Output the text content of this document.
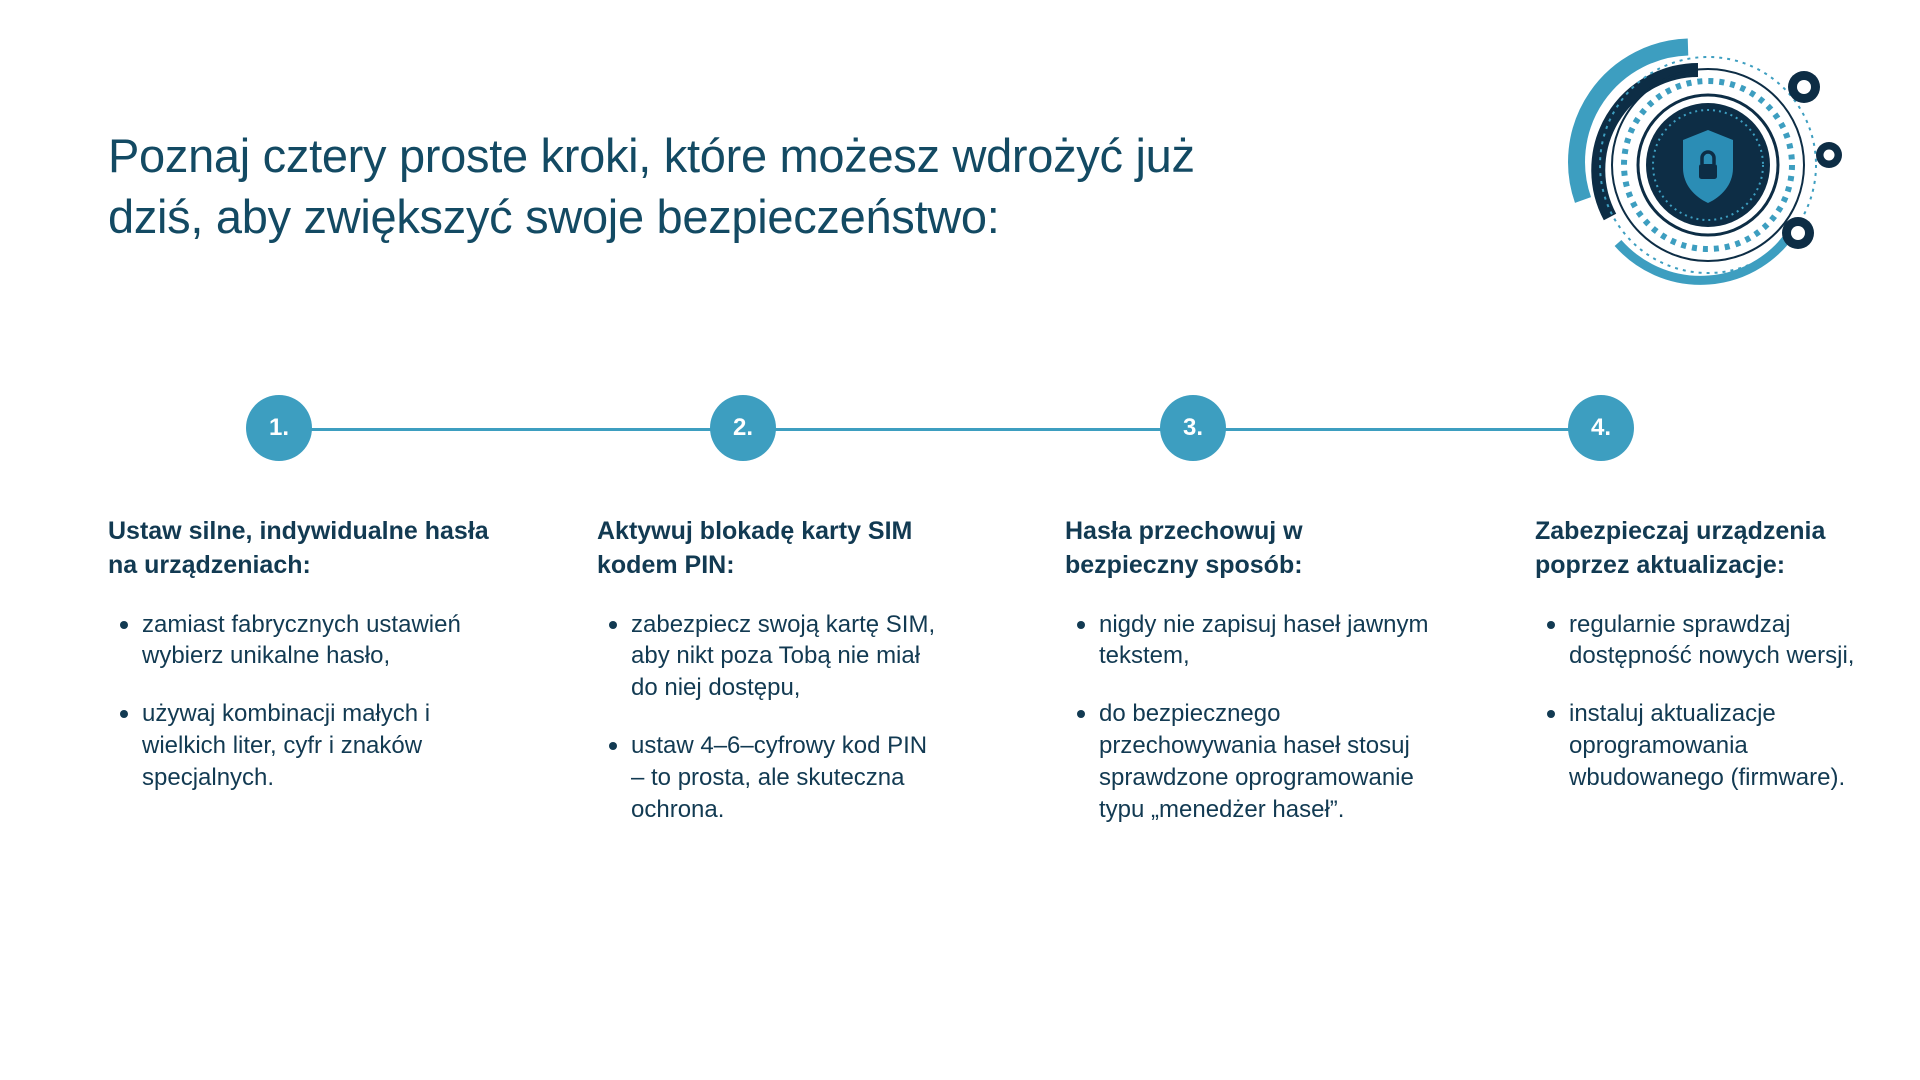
Poznaj cztery proste kroki, które możesz wdrożyć już dziś, aby zwiększyć swoje bezpieczeństwo:
1.	2.	3.	4.
Ustaw silne, indywidualne hasła na urządzeniach:
zamiast fabrycznych ustawień wybierz unikalne hasło,
używaj kombinacji małych i wielkich liter, cyfr i znaków specjalnych.
Aktywuj blokadę karty SIM kodem PIN:
zabezpiecz swoją kartę SIM, aby nikt poza Tobą nie miał do niej dostępu,
ustaw 4–6–cyfrowy kod PIN – to prosta, ale skuteczna ochrona.
Hasła przechowuj w bezpieczny sposób:
nigdy nie zapisuj haseł jawnym tekstem,
do bezpiecznego przechowywania haseł stosuj sprawdzone oprogramowanie typu „menedżer haseł”.
Zabezpieczaj urządzenia poprzez aktualizacje:
regularnie sprawdzaj dostępność nowych wersji,
instaluj aktualizacje oprogramowania wbudowanego (firmware).
